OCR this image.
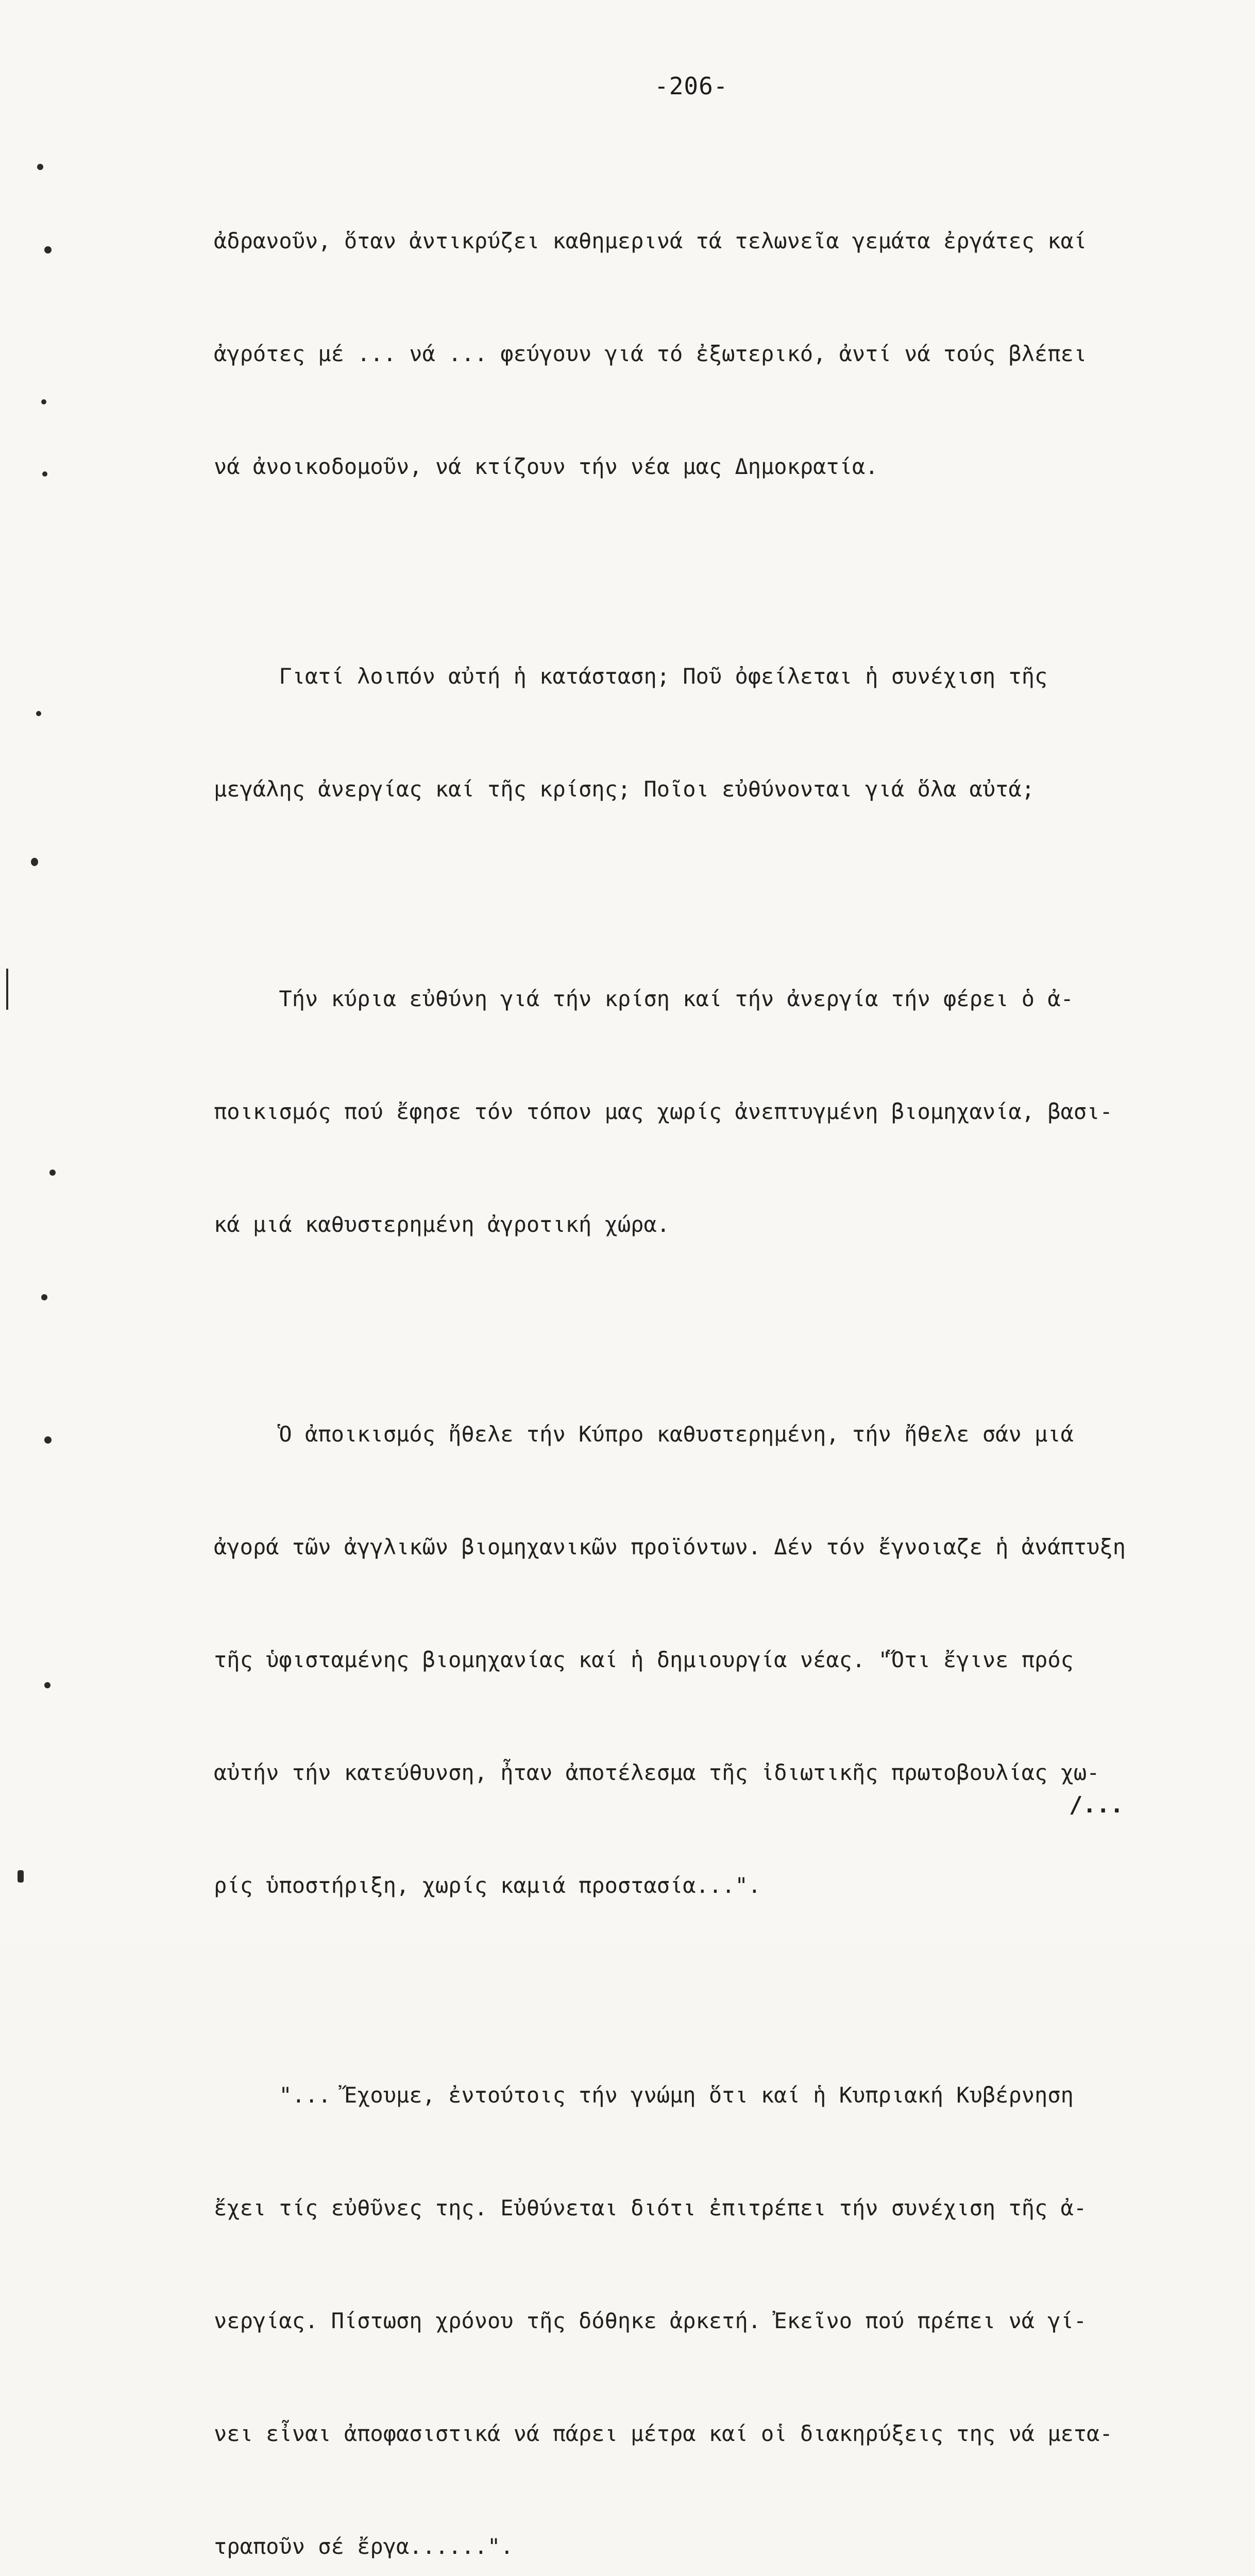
-206-

ἀδρανοῦν, ὅταν ἀντικρύζει καθημερινά τά τελωνεῖα γεμάτα ἐργάτες καί

ἀγρότες μέ ... νά ... φεύγουν γιά τό ἐξωτερικό, ἀντί νά τούς βλέπει

νά ἀνοικοδομοῦν, νά κτίζουν τήν νέα μας Δημοκρατία.

Γιατί λοιπόν αὐτή ἡ κατάσταση; Ποῦ ὀφείλεται ἡ συνέχιση τῆς

μεγάλης ἀνεργίας καί τῆς κρίσης; Ποῖοι εὐθύνονται γιά ὅλα αὐτά;

Τήν κύρια εὐθύνη γιά τήν κρίση καί τήν ἀνεργία τήν φέρει ὁ ἀ-

ποικισμός πού ἔφησε τόν τόπον μας χωρίς ἀνεπτυγμένη βιομηχανία, βασι-

κά μιά καθυστερημένη ἀγροτική χώρα.

Ὁ ἀποικισμός ἤθελε τήν Κύπρο καθυστερημένη, τήν ἤθελε σάν μιά

ἀγορά τῶν ἀγγλικῶν βιομηχανικῶν προϊόντων. Δέν τόν ἔγνοιαζε ἡ ἀνάπτυξη

τῆς ὑφισταμένης βιομηχανίας καί ἡ δημιουργία νέας. "Ὅτι ἔγινε πρός

αὐτήν τήν κατεύθυνση, ἦταν ἀποτέλεσμα τῆς ἰδιωτικῆς πρωτοβουλίας χω-

ρίς ὑποστήριξη, χωρίς καμιά προστασία...".

"... Ἔχουμε, ἐντούτοις τήν γνώμη ὅτι καί ἡ Κυπριακή Κυβέρνηση

ἔχει τίς εὐθῦνες της. Εὐθύνεται διότι ἐπιτρέπει τήν συνέχιση τῆς ἀ-

νεργίας. Πίστωση χρόνου τῆς δόθηκε ἀρκετή. Ἐκεῖνο πού πρέπει νά γί-

νει εἶναι ἀποφασιστικά νά πάρει μέτρα καί οἱ διακηρύξεις της νά μετα-

τραποῦν σέ ἔργα......".

/...
